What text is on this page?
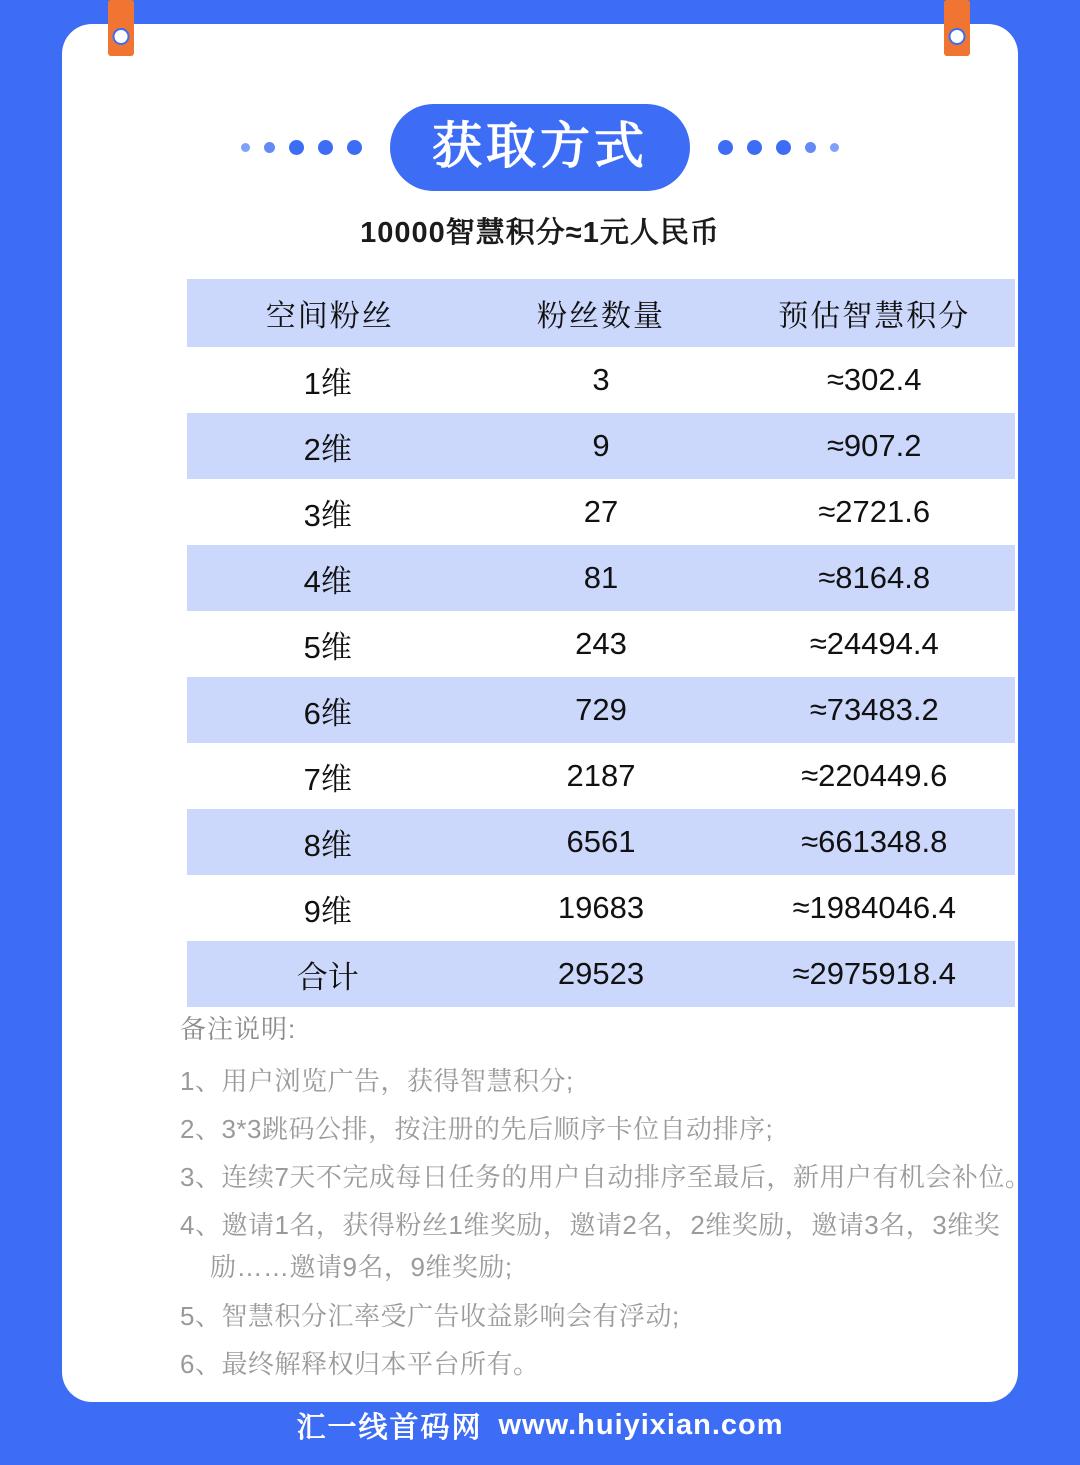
获取方式
10000智慧积分≈1元人民币
空间粉丝	粉丝数量	预估智慧积分
1维	3	≈302.4
2维	9	≈907.2
3维	27	≈2721.6
4维	81	≈8164.8
5维	243	≈24494.4
6维	729	≈73483.2
7维	2187	≈220449.6
8维	6561	≈661348.8
9维	19683	≈1984046.4
合计	29523	≈2975918.4
备注说明:
1、用户浏览广告，获得智慧积分;
2、3*3跳码公排，按注册的先后顺序卡位自动排序;
3、连续7天不完成每日任务的用户自动排序至最后，新用户有机会补位。
4、邀请1名，获得粉丝1维奖励，邀请2名，2维奖励，邀请3名，3维奖励……邀请9名，9维奖励;
5、智慧积分汇率受广告收益影响会有浮动;
6、最终解释权归本平台所有。
汇一线首码网 www.huiyixian.com
